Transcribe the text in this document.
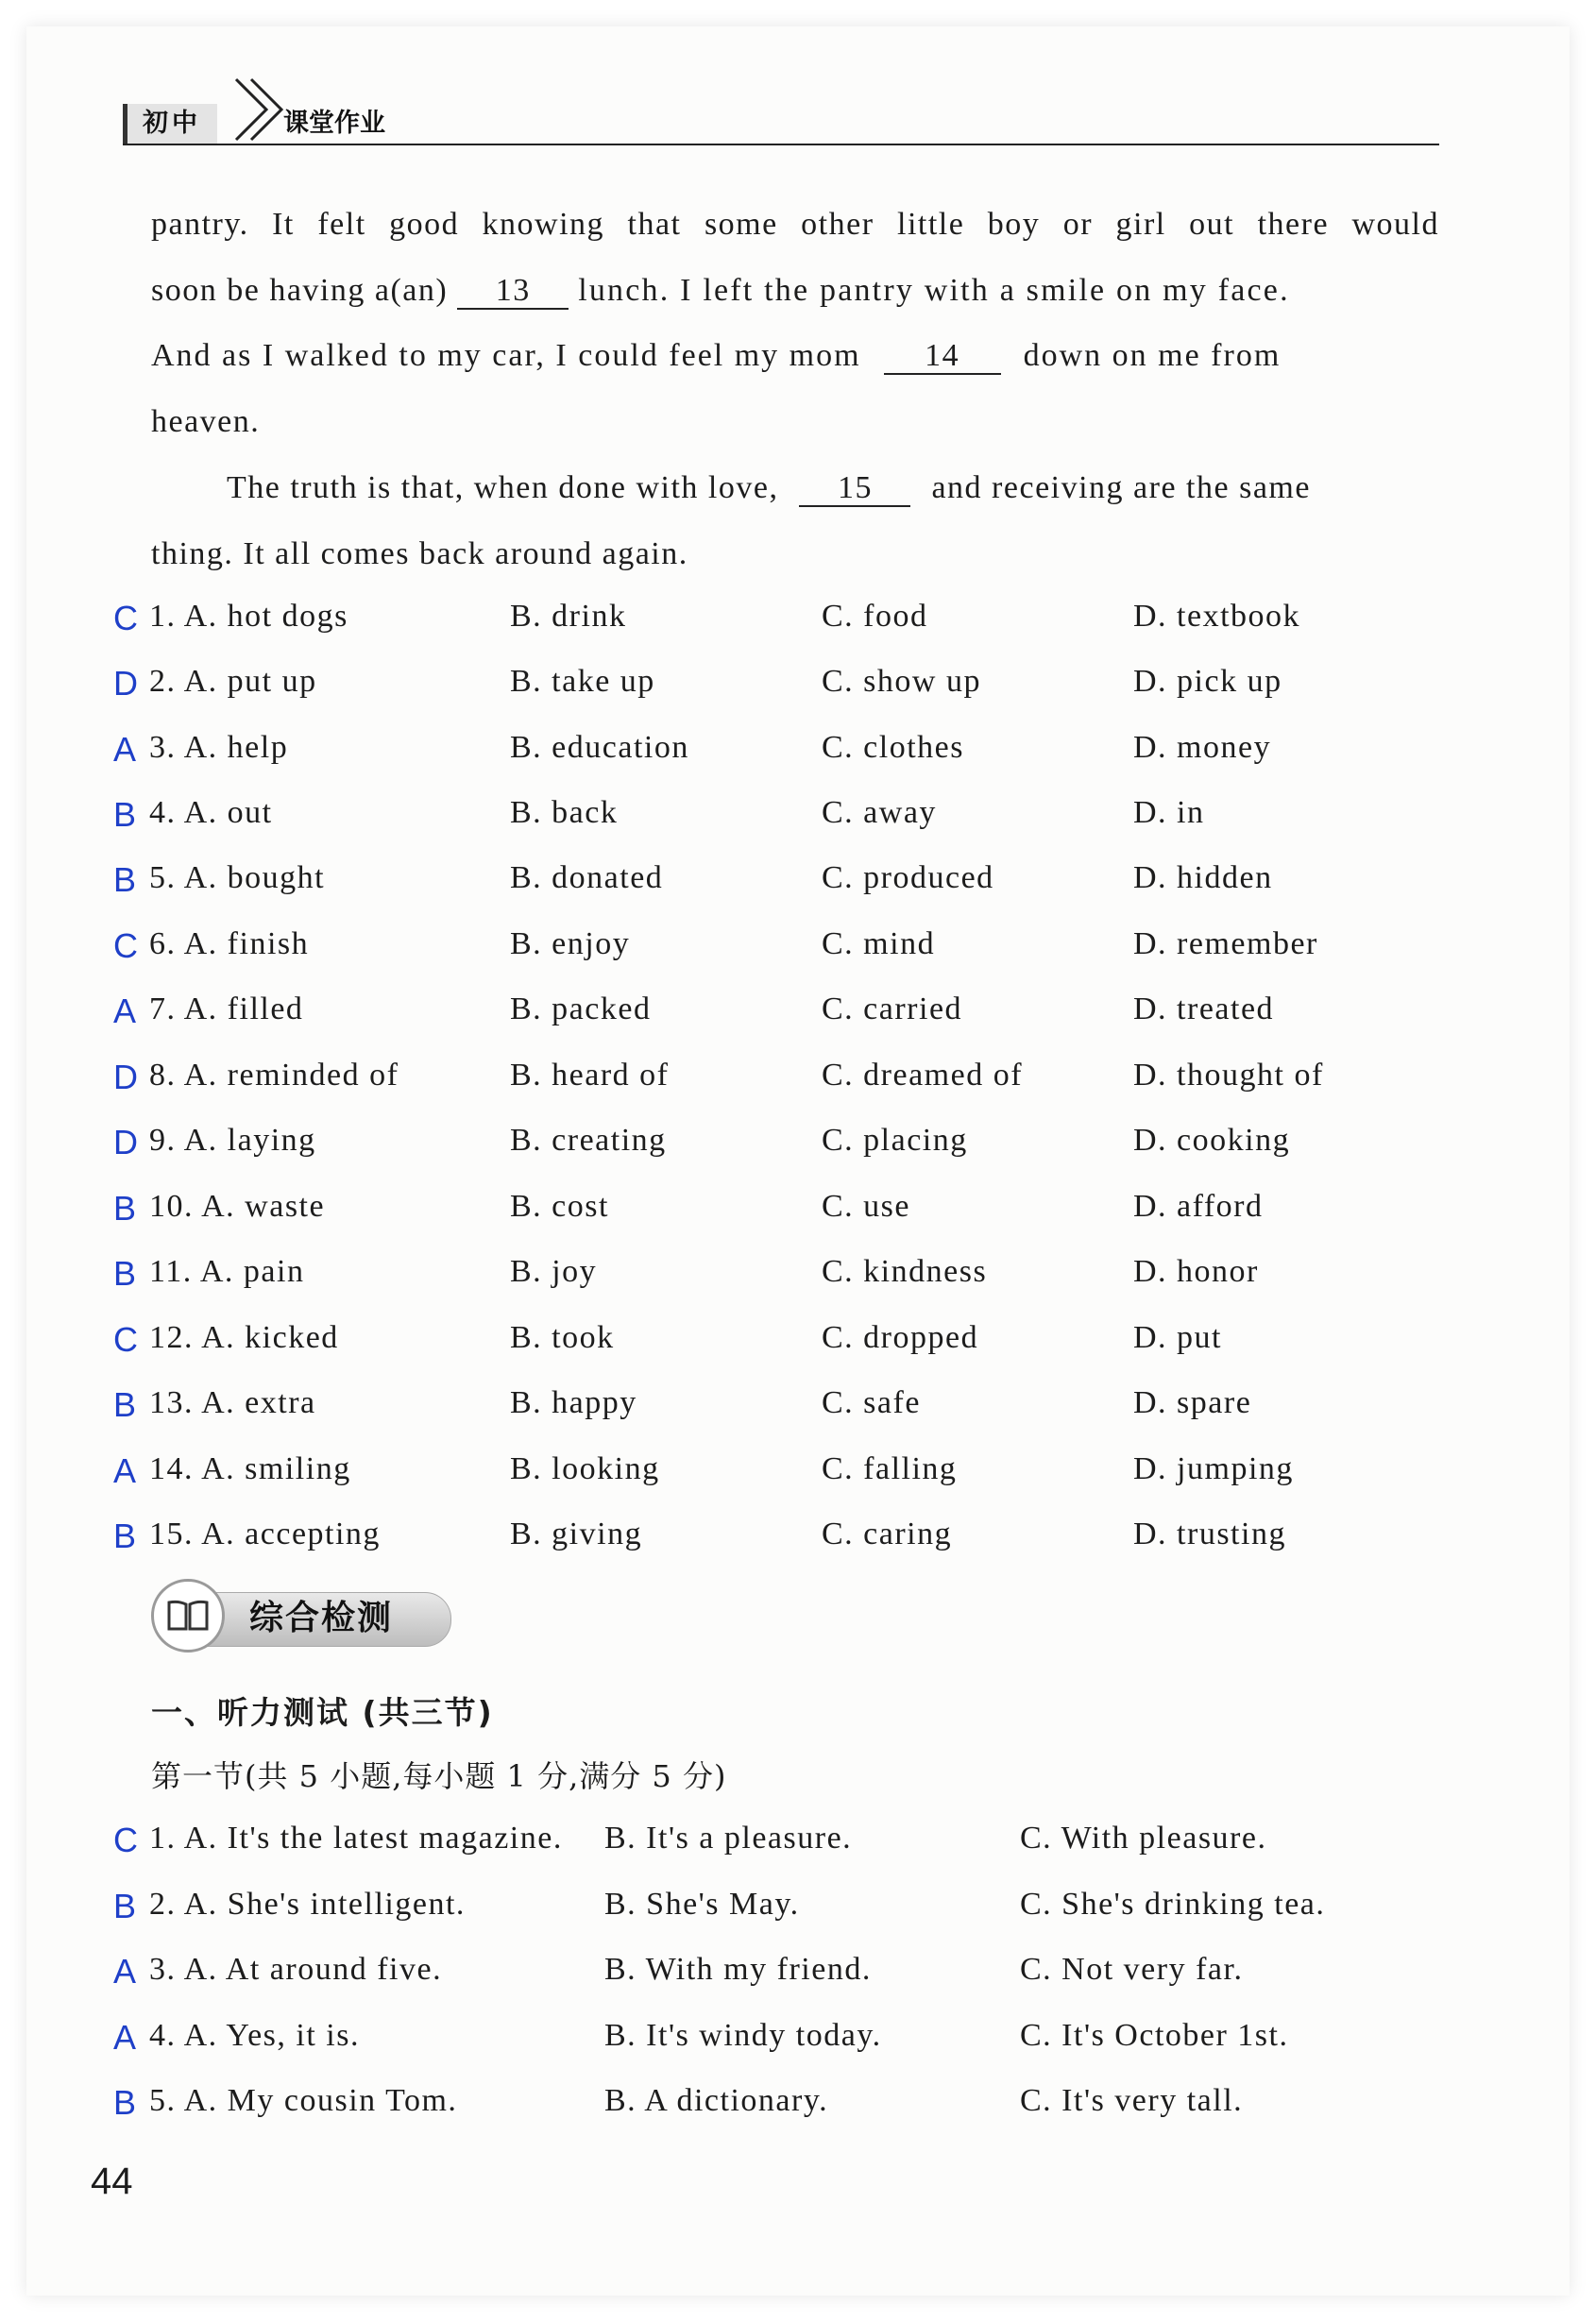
初中	课堂作业
pantry. It felt good knowing that some other little boy or girl out there would
soon be having a(an) 13 lunch. I left the pantry with a smile on my face.
And as I walked to my car, I could feel my mom 14 down on me from
heaven.
The truth is that, when done with love, 15 and receiving are the same
thing. It all comes back around again.
C 1. A. hot dogs	B. drink	C. food	D. textbook
D 2. A. put up	B. take up	C. show up	D. pick up
A 3. A. help	B. education	C. clothes	D. money
B 4. A. out	B. back	C. away	D. in
B 5. A. bought	B. donated	C. produced	D. hidden
C 6. A. finish	B. enjoy	C. mind	D. remember
A 7. A. filled	B. packed	C. carried	D. treated
D 8. A. reminded of	B. heard of	C. dreamed of	D. thought of
D 9. A. laying	B. creating	C. placing	D. cooking
B 10. A. waste	B. cost	C. use	D. afford
B 11. A. pain	B. joy	C. kindness	D. honor
C 12. A. kicked	B. took	C. dropped	D. put
B 13. A. extra	B. happy	C. safe	D. spare
A 14. A. smiling	B. looking	C. falling	D. jumping
B 15. A. accepting	B. giving	C. caring	D. trusting
综合检测
一、听力测试 (共三节)
第一节(共 5 小题,每小题 1 分,满分 5 分)
C 1. A. It's the latest magazine. B. It's a pleasure.	C. With pleasure.
B 2. A. She's intelligent.	B. She's May.	C. She's drinking tea.
A 3. A. At around five.	B. With my friend.	C. Not very far.
A 4. A. Yes, it is.	B. It's windy today.	C. It's October 1st.
B 5. A. My cousin Tom.	B. A dictionary.	C. It's very tall.
44
